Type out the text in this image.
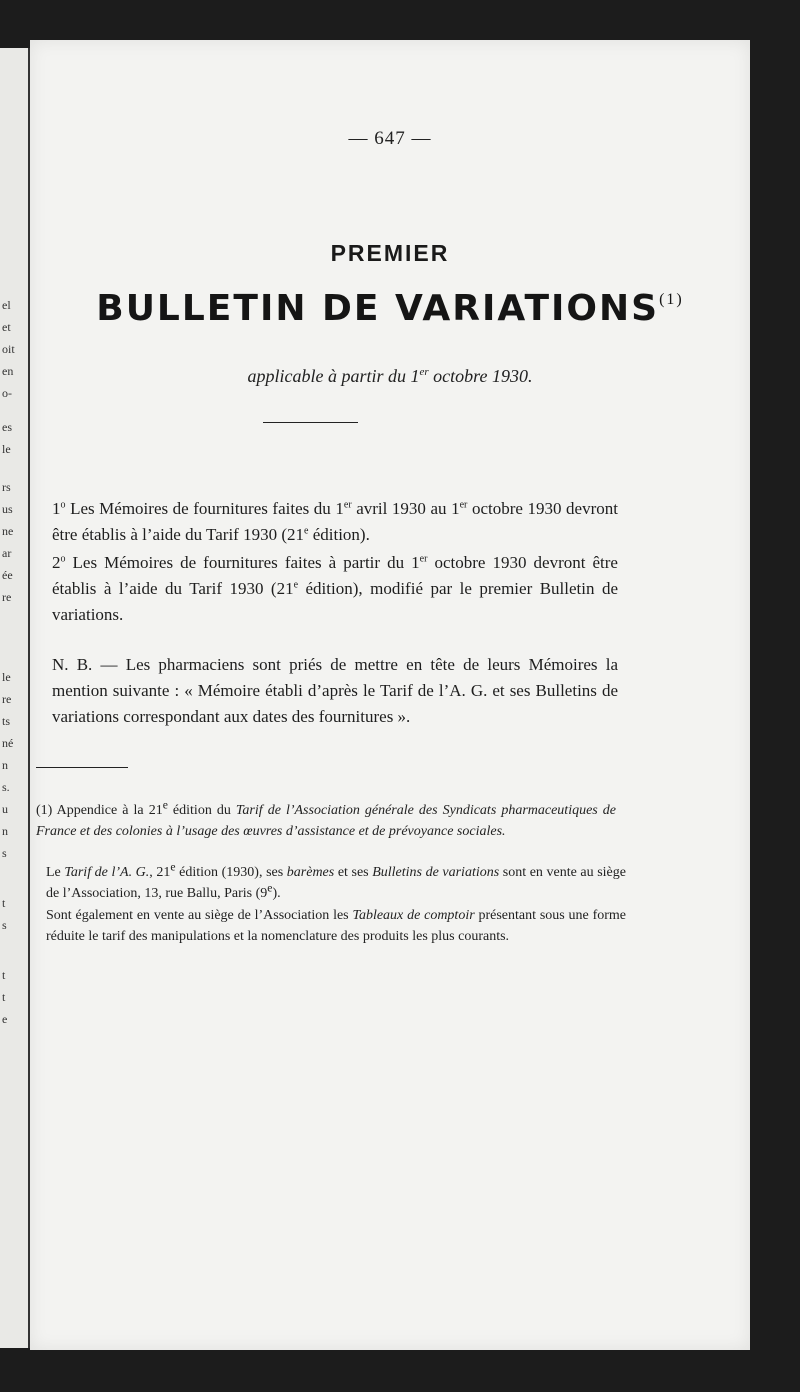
el
et
oit
en
o-
es
le
rs
us
ne
ar
ée
re
le
re
ts
né
n
s.
u
n
s
t
s
t
t
e
— 647 —
PREMIER
BULLETIN DE VARIATIONS$^{(1)}$
applicable à partir du 1er octobre 1930.
1$^o$ Les Mémoires de fournitures faites du 1er avril 1930 au 1er octobre 1930 devront être établis à l’aide du Tarif 1930 (21e édition).
2$^o$ Les Mémoires de fournitures faites à partir du 1er octobre 1930 devront être établis à l’aide du Tarif 1930 (21e édition), modifié par le premier Bulletin de variations.
N. B. — Les pharmaciens sont priés de mettre en tête de leurs Mémoires la mention suivante : « Mémoire établi d’après le Tarif de l’A. G. et ses Bulletins de variations correspondant aux dates des fournitures ».
(1) Appendice à la 21e édition du Tarif de l’Association générale des Syndicats pharmaceutiques de France et des colonies à l’usage des œuvres d’assistance et de prévoyance sociales.
Le Tarif de l’A. G., 21e édition (1930), ses barèmes et ses Bulletins de variations sont en vente au siège de l’Association, 13, rue Ballu, Paris (9e).
Sont également en vente au siège de l’Association les Tableaux de comptoir présentant sous une forme réduite le tarif des manipulations et la nomenclature des produits les plus courants.
